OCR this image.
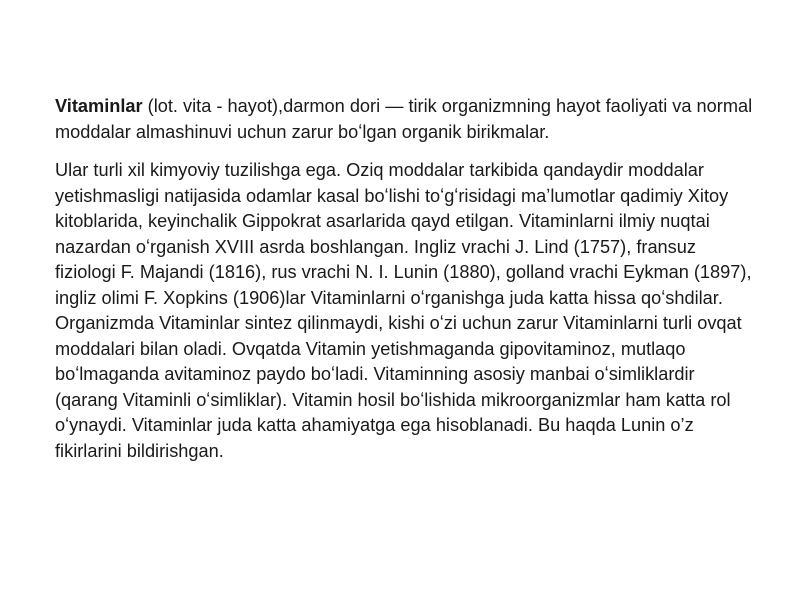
Vitaminlar (lot. vita - hayot),darmon dori — tirik organizmning hayot faoliyati va normal moddalar almashinuvi uchun zarur boʻlgan organik birikmalar.

Ular turli xil kimyoviy tuzilishga ega. Oziq moddalar tarkibida qandaydir moddalar yetishmasligi natijasida odamlar kasal boʻlishi toʻgʻrisidagi maʼlumotlar qadimiy Xitoy kitoblarida, keyinchalik Gippokrat asarlarida qayd etilgan. Vitaminlarni ilmiy nuqtai nazardan oʻrganish XVIII asrda boshlangan. Ingliz vrachi J. Lind (1757), fransuz fiziologi F. Majandi (1816), rus vrachi N. I. Lunin (1880), golland vrachi Eykman (1897), ingliz olimi F. Xopkins (1906)lar Vitaminlarni oʻrganishga juda katta hissa qoʻshdilar. Organizmda Vitaminlar sintez qilinmaydi, kishi oʻzi uchun zarur Vitaminlarni turli ovqat moddalari bilan oladi. Ovqatda Vitamin yetishmaganda gipovitaminoz, mutlaqo boʻlmaganda avitaminoz paydo boʻladi. Vitaminning asosiy manbai oʻsimliklardir (qarang Vitaminli oʻsimliklar). Vitamin hosil boʻlishida mikroorganizmlar ham katta rol oʻynaydi. Vitaminlar juda katta ahamiyatga ega hisoblanadi. Bu haqda Lunin o’z fikirlarini bildirishgan.
